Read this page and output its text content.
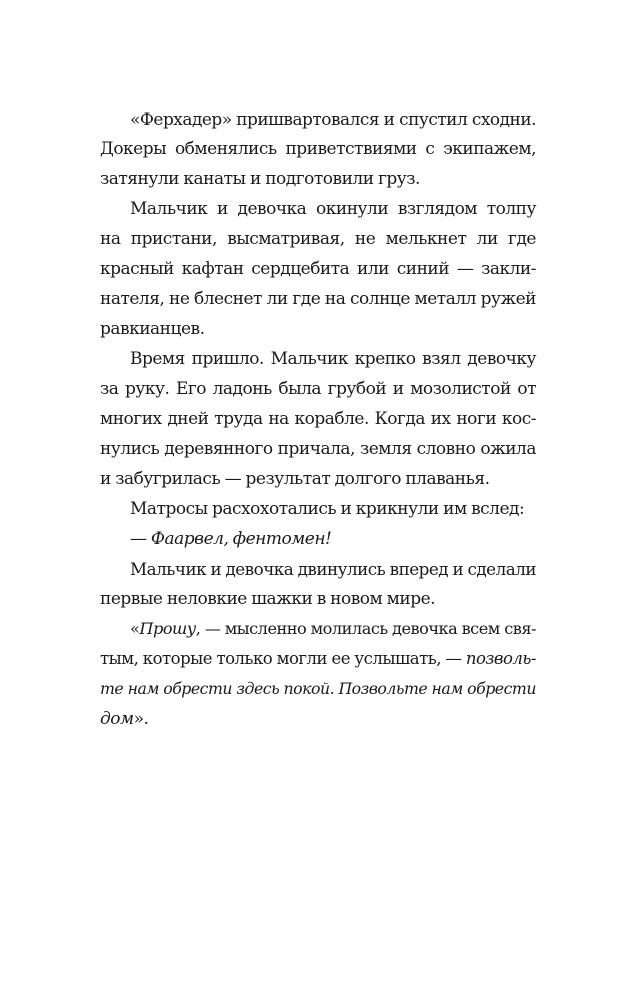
«Ферхадер» пришвартовался и спустил сходни.
Докеры обменялись приветствиями с экипажем,
затянули канаты и подготовили груз.
Мальчик и девочка окинули взглядом толпу
на пристани, высматривая, не мелькнет ли где
красный кафтан сердцебита или синий — закли-
нателя, не блеснет ли где на солнце металл ружей
равкианцев.
Время пришло. Мальчик крепко взял девочку
за руку. Его ладонь была грубой и мозолистой от
многих дней труда на корабле. Когда их ноги кос-
нулись деревянного причала, земля словно ожила
и забугрилась — результат долгого плаванья.
Матросы расхохотались и крикнули им вслед:
— Фаарвел, фентомен!
Мальчик и девочка двинулись вперед и сделали
первые неловкие шажки в новом мире.
«Прошу, — мысленно молилась девочка всем свя-
тым, которые только могли ее услышать, — позволь-
те нам обрести здесь покой. Позвольте нам обрести
дом».
